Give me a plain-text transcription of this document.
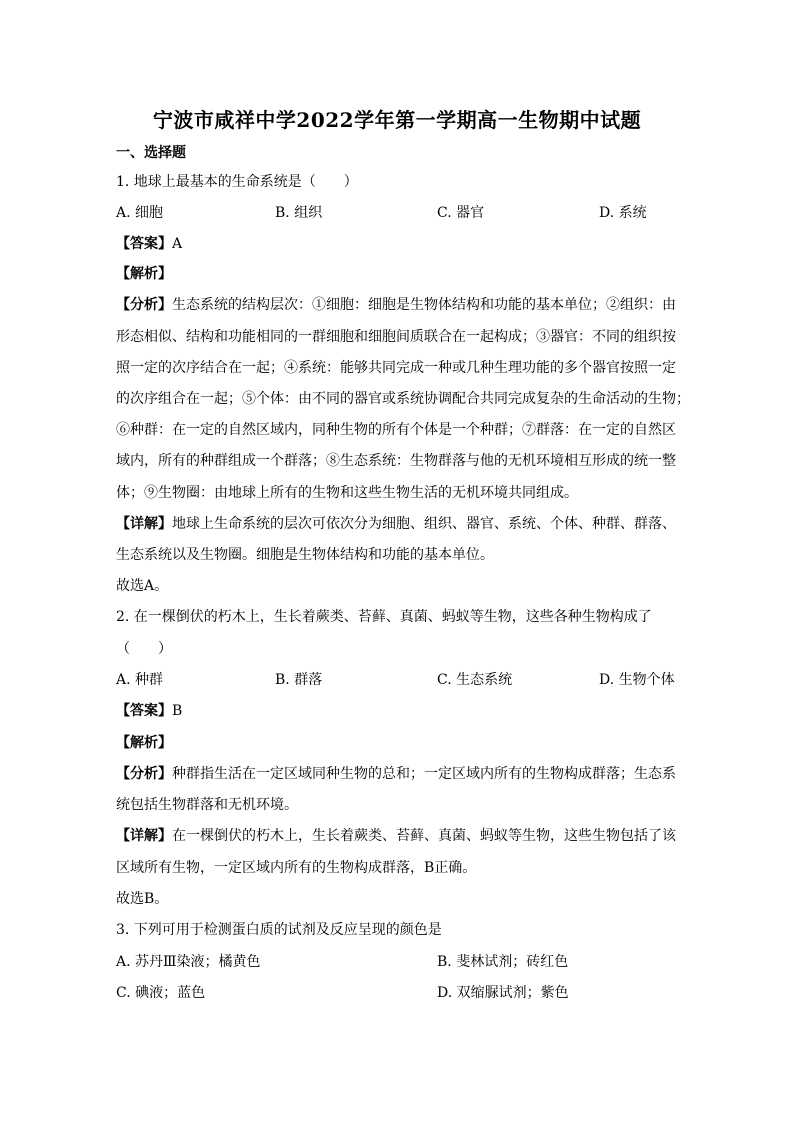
宁波市咸祥中学2022学年第一学期高一生物期中试题
一、选择题
1. 地球上最基本的生命系统是（　　）
A. 细胞	B. 组织	C. 器官	D. 系统
【答案】A
【解析】
【分析】生态系统的结构层次：①细胞：细胞是生物体结构和功能的基本单位；②组织：由
形态相似、结构和功能相同的一群细胞和细胞间质联合在一起构成；③器官：不同的组织按
照一定的次序结合在一起；④系统：能够共同完成一种或几种生理功能的多个器官按照一定
的次序组合在一起；⑤个体：由不同的器官或系统协调配合共同完成复杂的生命活动的生物；
⑥种群：在一定的自然区域内，同种生物的所有个体是一个种群；⑦群落：在一定的自然区
域内，所有的种群组成一个群落；⑧生态系统：生物群落与他的无机环境相互形成的统一整
体；⑨生物圈：由地球上所有的生物和这些生物生活的无机环境共同组成。
【详解】地球上生命系统的层次可依次分为细胞、组织、器官、系统、个体、种群、群落、
生态系统以及生物圈。细胞是生物体结构和功能的基本单位。
故选A。
2. 在一棵倒伏的朽木上，生长着蕨类、苔藓、真菌、蚂蚁等生物，这些各种生物构成了
（　　）
A. 种群	B. 群落	C. 生态系统	D. 生物个体
【答案】B
【解析】
【分析】种群指生活在一定区域同种生物的总和；一定区域内所有的生物构成群落；生态系
统包括生物群落和无机环境。
【详解】在一棵倒伏的朽木上，生长着蕨类、苔藓、真菌、蚂蚁等生物，这些生物包括了该
区域所有生物，一定区域内所有的生物构成群落，B正确。
故选B。
3. 下列可用于检测蛋白质的试剂及反应呈现的颜色是
A. 苏丹Ⅲ染液；橘黄色	B. 斐林试剂；砖红色
C. 碘液；蓝色	D. 双缩脲试剂；紫色
